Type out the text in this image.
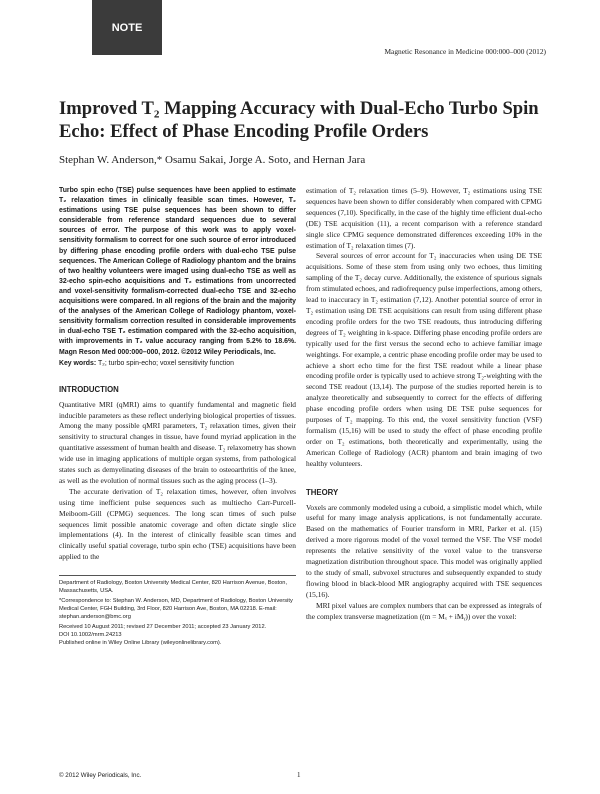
NOTE
Magnetic Resonance in Medicine 000:000–000 (2012)
Improved T₂ Mapping Accuracy with Dual-Echo Turbo Spin Echo: Effect of Phase Encoding Profile Orders
Stephan W. Anderson,* Osamu Sakai, Jorge A. Soto, and Hernan Jara
Turbo spin echo (TSE) pulse sequences have been applied to estimate T₂ relaxation times in clinically feasible scan times. However, T₂ estimations using TSE pulse sequences has been shown to differ considerable from reference standard sequences due to several sources of error. The purpose of this work was to apply voxel-sensitivity formalism to correct for one such source of error introduced by differing phase encoding profile orders with dual-echo TSE pulse sequences. The American College of Radiology phantom and the brains of two healthy volunteers were imaged using dual-echo TSE as well as 32-echo spin-echo acquisitions and T₂ estimations from uncorrected and voxel-sensitivity formalism-corrected dual-echo TSE and 32-echo acquisitions were compared. In all regions of the brain and the majority of the analyses of the American College of Radiology phantom, voxel-sensitivity formalism correction resulted in considerable improvements in dual-echo TSE T₂ estimation compared with the 32-echo acquisition, with improvements in T₂ value accuracy ranging from 5.2% to 18.6%. Magn Reson Med 000:000–000, 2012. ©2012 Wiley Periodicals, Inc.
Key words: T₂; turbo spin-echo; voxel sensitivity function
INTRODUCTION

Quantitative MRI (qMRI) aims to quantify fundamental and magnetic field inducible parameters as these reflect underlying biological properties of tissues. Among the many possible qMRI parameters, T₂ relaxation times, given their sensitivity to structural changes in tissue, have found myriad application in the quantitative assessment of human health and disease. T₂ relaxometry has shown wide use in imaging applications of multiple organ systems, from pathological states such as demyelinating diseases of the brain to osteoarthritis of the knee, as well as the evolution of normal tissues such as the aging process (1–3).

The accurate derivation of T₂ relaxation times, however, often involves using time inefficient pulse sequences such as multiecho Carr-Purcell-Meiboom-Gill (CPMG) sequences. The long scan times of such pulse sequences limit possible anatomic coverage and often dictate single slice implementations (4). In the interest of clinically feasible scan times and clinically useful spatial coverage, turbo spin echo (TSE) acquisitions have been applied to the

Department of Radiology, Boston University Medical Center, 820 Harrison Avenue, Boston, Massachusetts, USA.

*Correspondence to: Stephan W. Anderson, MD, Department of Radiology, Boston University Medical Center, FGH Building, 3rd Floor, 820 Harrison Ave, Boston, MA 02218. E-mail: stephan.anderson@bmc.org

Received 10 August 2011; revised 27 December 2011; accepted 23 January 2012.

DOI 10.1002/mrm.24213

Published online in Wiley Online Library (wileyonlinelibrary.com).

estimation of T₂ relaxation times (5–9). However, T₂ estimations using TSE sequences have been shown to differ considerably when compared with CPMG sequences (7,10). Specifically, in the case of the highly time efficient dual-echo (DE) TSE acquisition (11), a recent comparison with a reference standard single slice CPMG sequence demonstrated differences exceeding 10% in the estimation of T₂ relaxation times (7).

Several sources of error account for T₂ inaccuracies when using DE TSE acquisitions. Some of these stem from using only two echoes, thus limiting sampling of the T₂ decay curve. Additionally, the existence of spurious signals from stimulated echoes, and radiofrequency pulse imperfections, among others, lead to inaccuracy in T₂ estimation (7,12). Another potential source of error in T₂ estimation using DE TSE acquisitions can result from using different phase encoding profile orders for the two TSE readouts, thus introducing differing degrees of T₂ weighting in k-space. Differing phase encoding profile orders are typically used for the first versus the second echo to achieve familiar image weightings. For example, a centric phase encoding profile order may be used to achieve a short echo time for the first TSE readout while a linear phase encoding profile order is typically used to achieve strong T₂-weighting with the second TSE readout (13,14). The purpose of the studies reported herein is to analyze theoretically and subsequently to correct for the effects of differing phase encoding profile orders when using DE TSE pulse sequences for purposes of T₂ mapping. To this end, the voxel sensitivity function (VSF) formalism (15,16) will be used to study the effect of phase encoding profile order on T₂ estimations, both theoretically and experimentally, using the American College of Radiology (ACR) phantom and brain imaging of two healthy volunteers.

THEORY

Voxels are commonly modeled using a cuboid, a simplistic model which, while useful for many image analysis applications, is not fundamentally accurate. Based on the mathematics of Fourier transform in MRI, Parker et al. (15) derived a more rigorous model of the voxel termed the VSF. The VSF model represents the relative sensitivity of the voxel value to the transverse magnetization distribution throughout space. This model was originally applied to the study of small, subvoxel structures and subsequently expanded to study flowing blood in black-blood MR angiography acquired with TSE sequences (15,16).

MRI pixel values are complex numbers that can be expressed as integrals of the complex transverse magnetization ((m = Mₓ + iMᵧ)) over the voxel:

© 2012 Wiley Periodicals, Inc.	1
